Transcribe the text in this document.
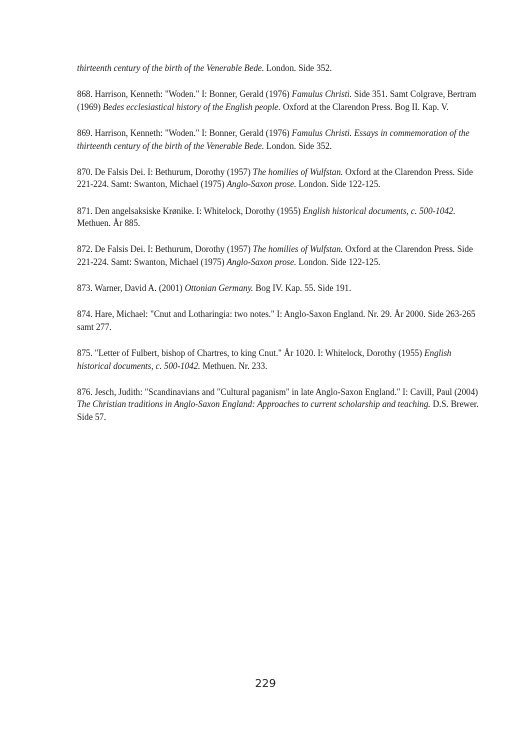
thirteenth century of the birth of the Venerable Bede. London. Side 352.

868. Harrison, Kenneth: "Woden." I: Bonner, Gerald (1976) Famulus Christi. Side 351. Samt Colgrave, Bertram (1969) Bedes ecclesiastical history of the English people. Oxford at the Clarendon Press. Bog II. Kap. V.

869. Harrison, Kenneth: "Woden." I: Bonner, Gerald (1976) Famulus Christi. Essays in commemoration of the thirteenth century of the birth of the Venerable Bede. London. Side 352.

870. De Falsis Dei. I: Bethurum, Dorothy (1957) The homilies of Wulfstan. Oxford at the Clarendon Press. Side 221-224. Samt: Swanton, Michael (1975) Anglo-Saxon prose. London. Side 122-125.

871. Den angelsaksiske Krønike. I: Whitelock, Dorothy (1955) English historical documents, c. 500-1042. Methuen. År 885.

872. De Falsis Dei. I: Bethurum, Dorothy (1957) The homilies of Wulfstan. Oxford at the Clarendon Press. Side 221-224. Samt: Swanton, Michael (1975) Anglo-Saxon prose. London. Side 122-125.

873. Warner, David A. (2001) Ottonian Germany. Bog IV. Kap. 55. Side 191.

874. Hare, Michael: "Cnut and Lotharingia: two notes." I: Anglo-Saxon England. Nr. 29. År 2000. Side 263-265 samt 277.

875. "Letter of Fulbert, bishop of Chartres, to king Cnut." År 1020. I: Whitelock, Dorothy (1955) English historical documents, c. 500-1042. Methuen. Nr. 233.

876. Jesch, Judith: "Scandinavians and "Cultural paganism" in late Anglo-Saxon England." I: Cavill, Paul (2004) The Christian traditions in Anglo-Saxon England: Approaches to current scholarship and teaching. D.S. Brewer. Side 57.

229
